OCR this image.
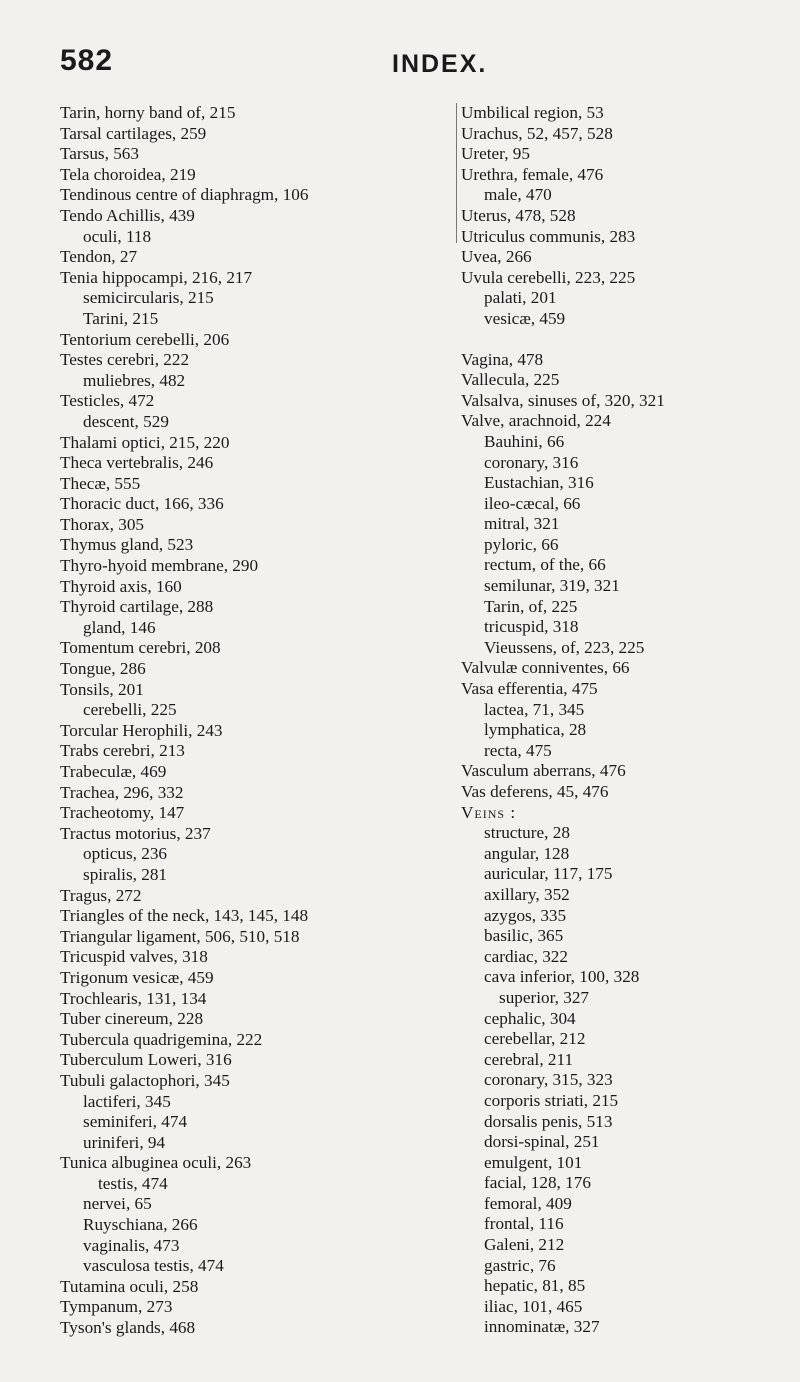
582	INDEX.
Tarin, horny band of, 215
Tarsal cartilages, 259
Tarsus, 563
Tela choroidea, 219
Tendinous centre of diaphragm, 106
Tendo Achillis, 439
oculi, 118
Tendon, 27
Tenia hippocampi, 216, 217
semicircularis, 215
Tarini, 215
Tentorium cerebelli, 206
Testes cerebri, 222
muliebres, 482
Testicles, 472
descent, 529
Thalami optici, 215, 220
Theca vertebralis, 246
Thecæ, 555
Thoracic duct, 166, 336
Thorax, 305
Thymus gland, 523
Thyro-hyoid membrane, 290
Thyroid axis, 160
Thyroid cartilage, 288
gland, 146
Tomentum cerebri, 208
Tongue, 286
Tonsils, 201
cerebelli, 225
Torcular Herophili, 243
Trabs cerebri, 213
Trabeculæ, 469
Trachea, 296, 332
Tracheotomy, 147
Tractus motorius, 237
opticus, 236
spiralis, 281
Tragus, 272
Triangles of the neck, 143, 145, 148
Triangular ligament, 506, 510, 518
Tricuspid valves, 318
Trigonum vesicæ, 459
Trochlearis, 131, 134
Tuber cinereum, 228
Tubercula quadrigemina, 222
Tuberculum Loweri, 316
Tubuli galactophori, 345
lactiferi, 345
seminiferi, 474
uriniferi, 94
Tunica albuginea oculi, 263
testis, 474
nervei, 65
Ruyschiana, 266
vaginalis, 473
vasculosa testis, 474
Tutamina oculi, 258
Tympanum, 273
Tyson's glands, 468
Umbilical region, 53
Urachus, 52, 457, 528
Ureter, 95
Urethra, female, 476
male, 470
Uterus, 478, 528
Utriculus communis, 283
Uvea, 266
Uvula cerebelli, 223, 225
palati, 201
vesicæ, 459
Vagina, 478
Vallecula, 225
Valsalva, sinuses of, 320, 321
Valve, arachnoid, 224
Bauhini, 66
coronary, 316
Eustachian, 316
ileo-cæcal, 66
mitral, 321
pyloric, 66
rectum, of the, 66
semilunar, 319, 321
Tarin, of, 225
tricuspid, 318
Vieussens, of, 223, 225
Valvulæ conniventes, 66
Vasa efferentia, 475
lactea, 71, 345
lymphatica, 28
recta, 475
Vasculum aberrans, 476
Vas deferens, 45, 476
Veins :
structure, 28
angular, 128
auricular, 117, 175
axillary, 352
azygos, 335
basilic, 365
cardiac, 322
cava inferior, 100, 328
superior, 327
cephalic, 304
cerebellar, 212
cerebral, 211
coronary, 315, 323
corporis striati, 215
dorsalis penis, 513
dorsi-spinal, 251
emulgent, 101
facial, 128, 176
femoral, 409
frontal, 116
Galeni, 212
gastric, 76
hepatic, 81, 85
iliac, 101, 465
innominatæ, 327
